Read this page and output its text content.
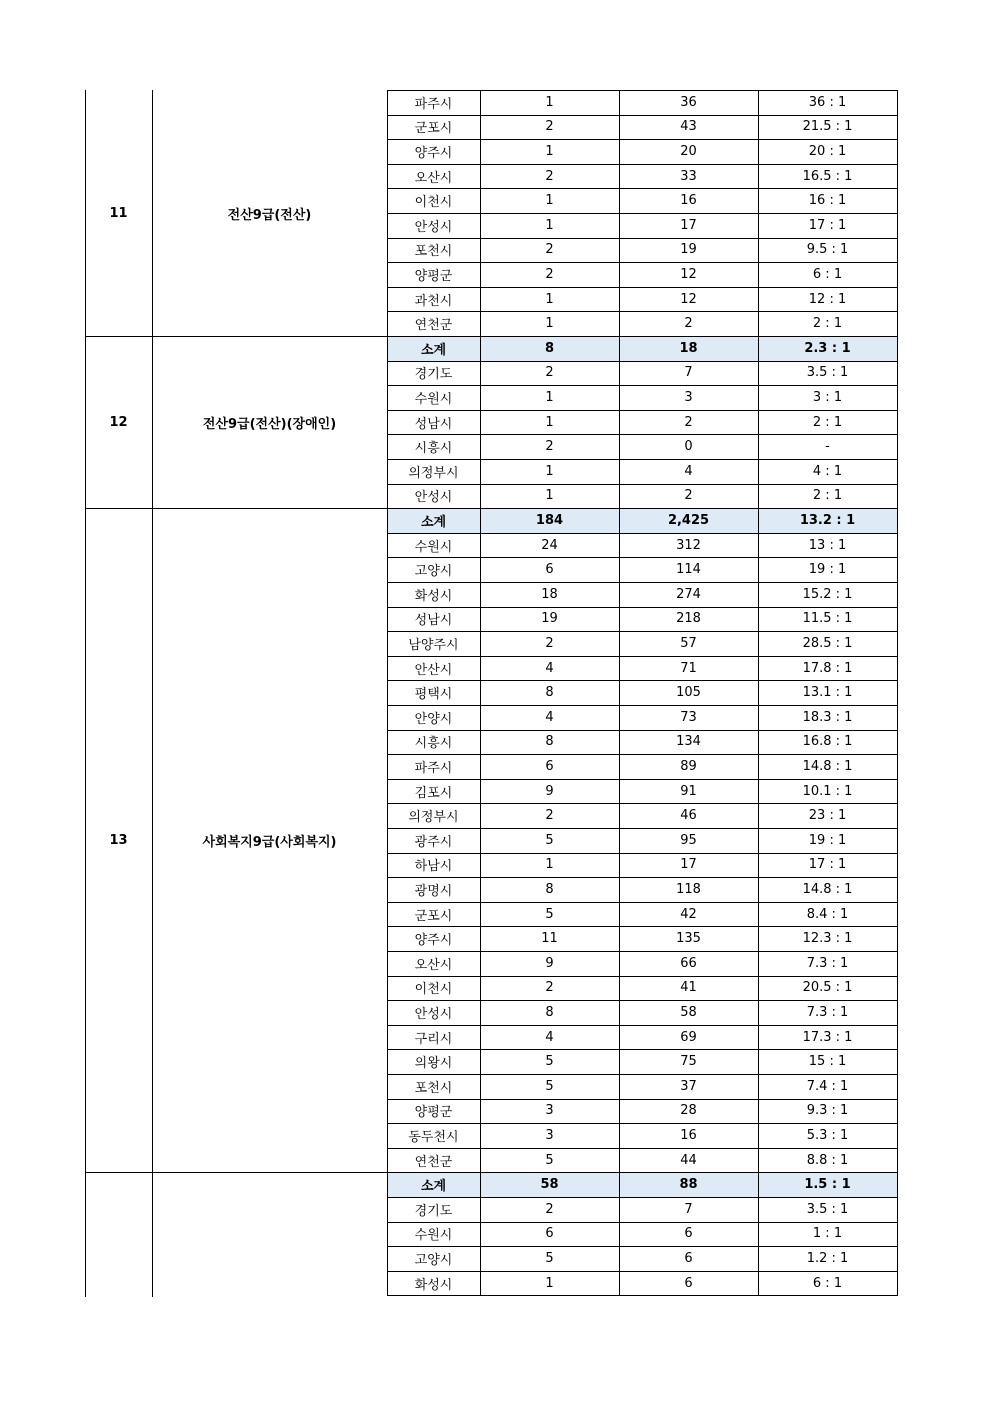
11	전산9급(전산)
파주시	1	36	36 : 1
군포시	2	43	21.5 : 1
양주시	1	20	20 : 1
오산시	2	33	16.5 : 1
이천시	1	16	16 : 1
안성시	1	17	17 : 1
포천시	2	19	9.5 : 1
양평군	2	12	6 : 1
과천시	1	12	12 : 1
연천군	1	2	2 : 1
12	전산9급(전산)(장애인)
소계	8	18	2.3 : 1
경기도	2	7	3.5 : 1
수원시	1	3	3 : 1
성남시	1	2	2 : 1
시흥시	2	0	-
의정부시	1	4	4 : 1
안성시	1	2	2 : 1
13	사회복지9급(사회복지)
소계	184	2,425	13.2 : 1
수원시	24	312	13 : 1
고양시	6	114	19 : 1
화성시	18	274	15.2 : 1
성남시	19	218	11.5 : 1
남양주시	2	57	28.5 : 1
안산시	4	71	17.8 : 1
평택시	8	105	13.1 : 1
안양시	4	73	18.3 : 1
시흥시	8	134	16.8 : 1
파주시	6	89	14.8 : 1
김포시	9	91	10.1 : 1
의정부시	2	46	23 : 1
광주시	5	95	19 : 1
하남시	1	17	17 : 1
광명시	8	118	14.8 : 1
군포시	5	42	8.4 : 1
양주시	11	135	12.3 : 1
오산시	9	66	7.3 : 1
이천시	2	41	20.5 : 1
안성시	8	58	7.3 : 1
구리시	4	69	17.3 : 1
의왕시	5	75	15 : 1
포천시	5	37	7.4 : 1
양평군	3	28	9.3 : 1
동두천시	3	16	5.3 : 1
연천군	5	44	8.8 : 1
소계	58	88	1.5 : 1
경기도	2	7	3.5 : 1
수원시	6	6	1 : 1
고양시	5	6	1.2 : 1
화성시	1	6	6 : 1
